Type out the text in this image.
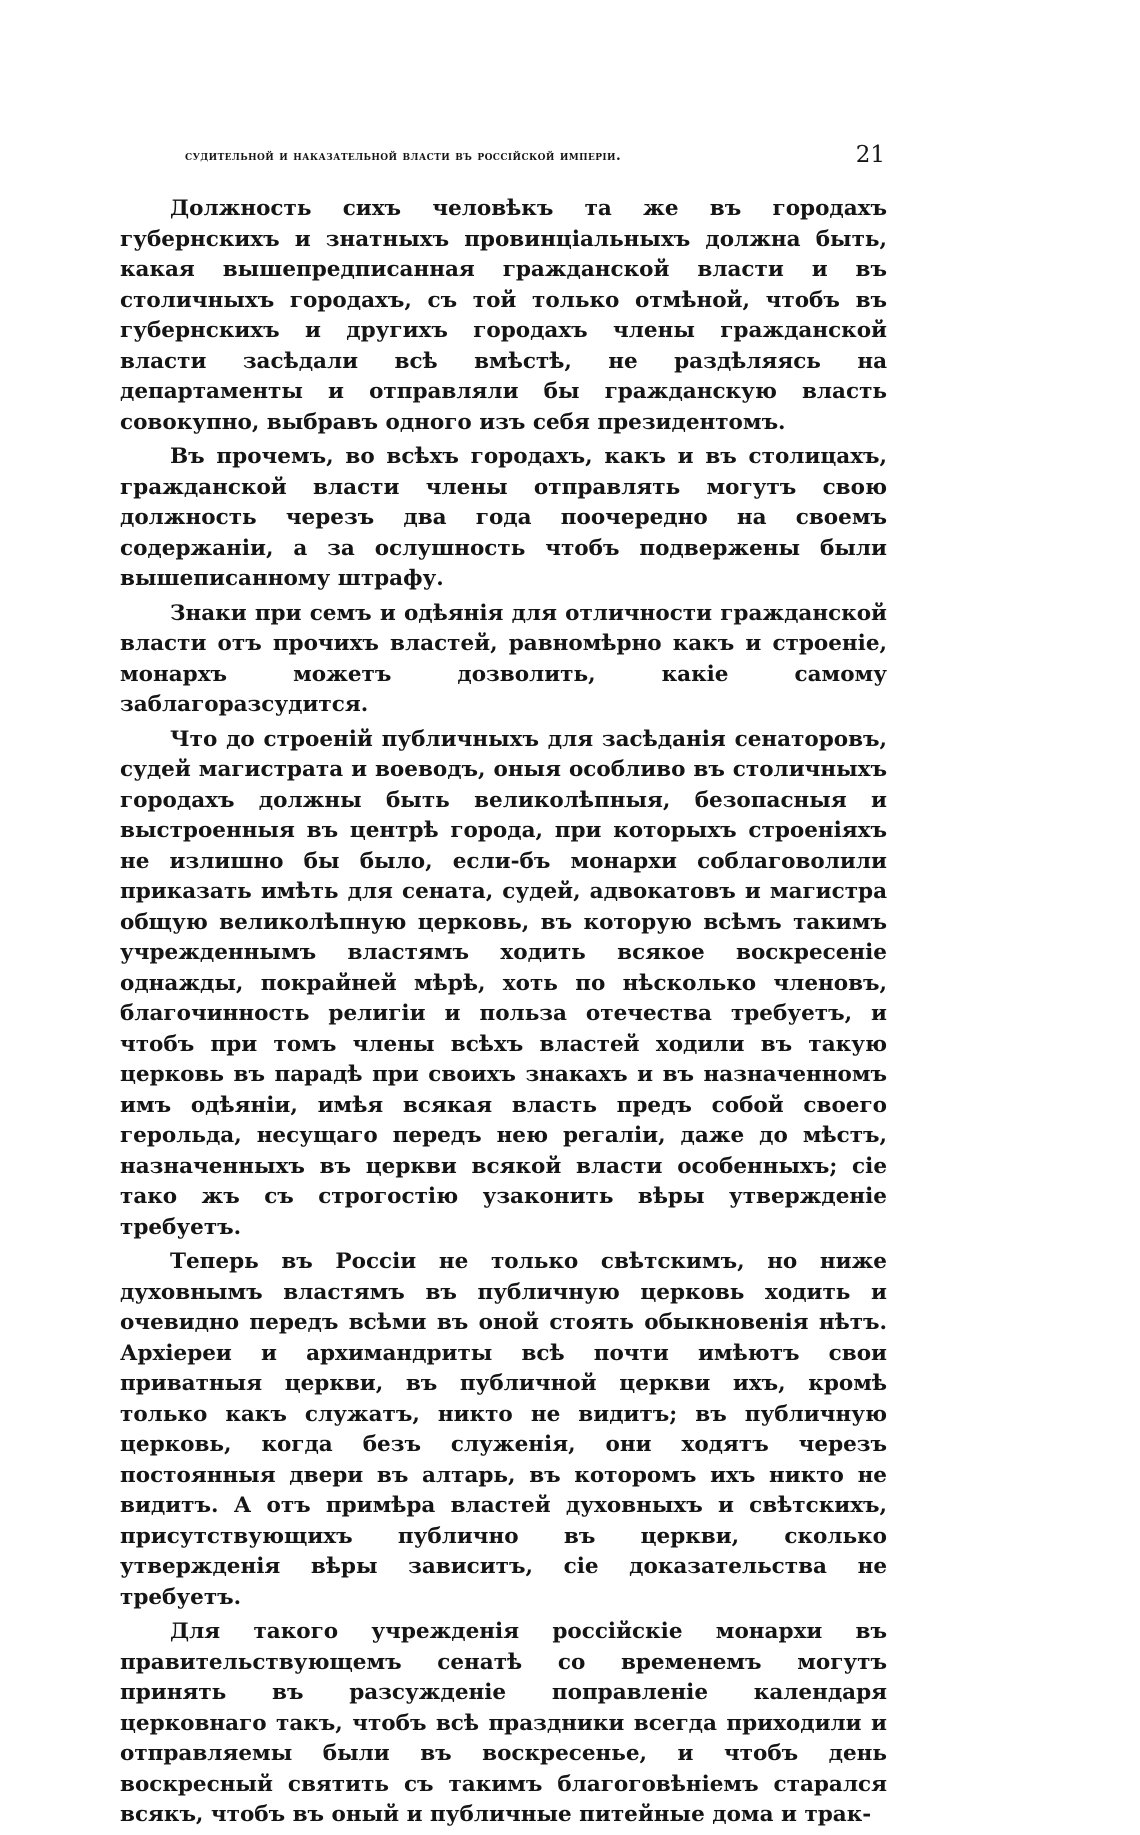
судительной и наказательной власти въ россійской имперіи.	21

Должность сихъ человѣкъ та же въ городахъ губернскихъ и знатныхъ провинціальныхъ должна быть, какая вышепредписанная гражданской власти и въ столичныхъ городахъ, съ той только отмѣной, чтобъ въ губернскихъ и другихъ городахъ члены гражданской власти засѣдали всѣ вмѣстѣ, не раздѣляясь на департаменты и отправляли бы гражданскую власть совокупно, выбравъ одного изъ себя президентомъ.

Въ прочемъ, во всѣхъ городахъ, какъ и въ столицахъ, гражданской власти члены отправлять могутъ свою должность черезъ два года поочередно на своемъ содержаніи, а за ослушность чтобъ подвержены были вышеписанному штрафу.

Знаки при семъ и одѣянія для отличности гражданской власти отъ прочихъ властей, равномѣрно какъ и строеніе, монархъ можетъ дозволить, какіе самому заблагоразсудится.

Что до строеній публичныхъ для засѣданія сенаторовъ, судей магистрата и воеводъ, оныя особливо въ столичныхъ городахъ должны быть великолѣпныя, безопасныя и выстроенныя въ центрѣ города, при которыхъ строеніяхъ не излишно бы было, если-бъ монархи соблаговолили приказать имѣть для сената, судей, адвокатовъ и магистра общую великолѣпную церковь, въ которую всѣмъ такимъ учрежденнымъ властямъ ходить всякое воскресеніе однажды, покрайней мѣрѣ, хоть по нѣсколько членовъ, благочинность религіи и польза отечества требуетъ, и чтобъ при томъ члены всѣхъ властей ходили въ такую церковь въ парадѣ при своихъ знакахъ и въ назначенномъ имъ одѣяніи, имѣя всякая власть предъ собой своего герольда, несущаго передъ нею регаліи, даже до мѣстъ, назначенныхъ въ церкви всякой власти особенныхъ; сіе тако жъ съ строгостію узаконить вѣры утвержденіе требуетъ.

Теперь въ Россіи не только свѣтскимъ, но ниже духовнымъ властямъ въ публичную церковь ходить и очевидно передъ всѣми въ оной стоять обыкновенія нѣтъ. Архіереи и архимандриты всѣ почти имѣютъ свои приватныя церкви, въ публичной церкви ихъ, кромѣ только какъ служатъ, никто не видитъ; въ публичную церковь, когда безъ служенія, они ходятъ черезъ постоянныя двери въ алтарь, въ которомъ ихъ никто не видитъ. А отъ примѣра властей духовныхъ и свѣтскихъ, присутствующихъ публично въ церкви, сколько утвержденія вѣры зависитъ, сіе доказательства не требуетъ.

Для такого учрежденія россійскіе монархи въ правительствующемъ сенатѣ со временемъ могутъ принять въ разсужденіе поправленіе календаря церковнаго такъ, чтобъ всѣ праздники всегда приходили и отправляемы были въ воскресенье, и чтобъ день воскресный святить съ такимъ благоговѣніемъ старался всякъ, чтобъ въ оный и публичные питейные дома и трак-
